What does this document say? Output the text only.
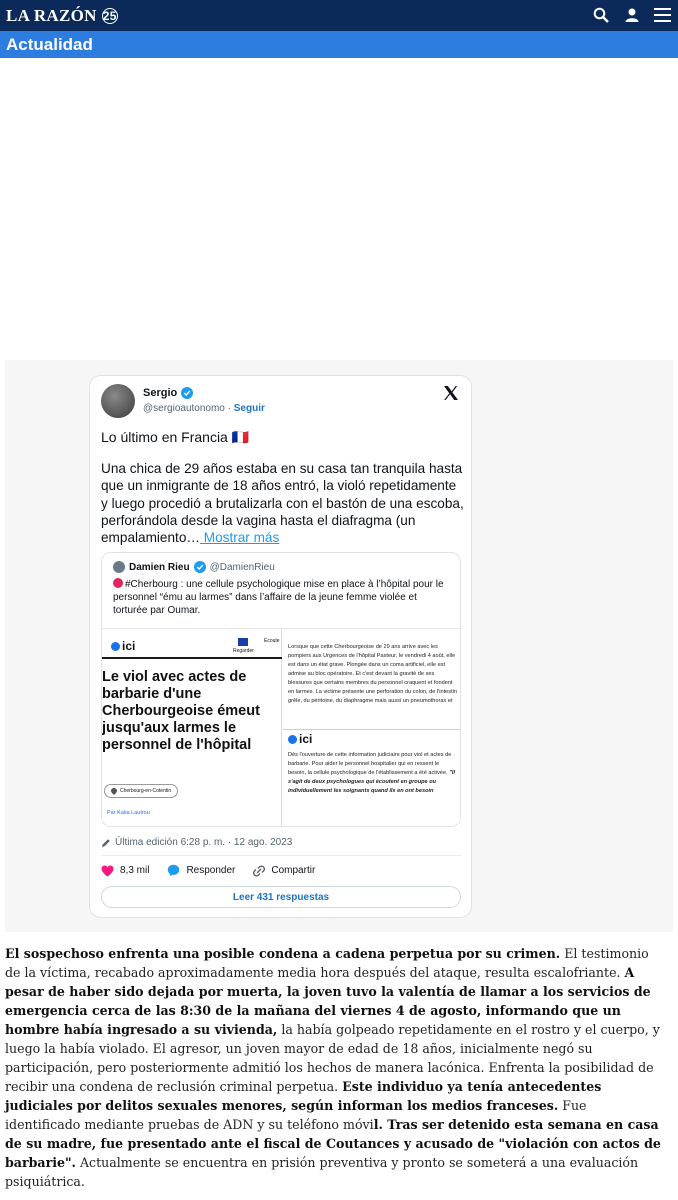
LA RAZÓN 25
Actualidad
Sergio
@sergioautonomo · Seguir
Lo último en Francia 🇫🇷
Una chica de 29 años estaba en su casa tan tranquila hasta que un inmigrante de 18 años entró, la violó repetidamente y luego procedió a brutalizarla con el bastón de una escoba, perforándola desde la vagina hasta el diafragma (un empalamiento… Mostrar más
Damien Rieu @DamienRieu
#Cherbourg : une cellule psychologique mise en place à l’hôpital pour le personnel “ému au larmes” dans l’affaire de la jeune femme violée et torturée par Oumar.
ici	Regarder
Écoute
Le viol avec actes de barbarie d'une Cherbourgeoise émeut jusqu'aux larmes le personnel de l'hôpital
Cherbourg-en-Cotentin
Par Katia Lautrou
Lorsque que cette Cherbourgeoise de 29 ans arrive avec les pompiers aux Urgences de l'hôpital Pasteur, le vendredi 4 août, elle est dans un état grave. Plongée dans un coma artificiel, elle est admise au bloc opératoire. Et c'est devant la gravité de ses blessures que certains membres du personnel craquent et fondent en larmes. La victime présente une perforation du colon, de l'intestin grêle, du péritoine, du diaphragme mais aussi un pneumothorax et
ici
Dès l'ouverture de cette information judiciaire pour viol et actes de barbarie. Pour aider le personnel hospitalier qui en ressent le besoin, la cellule psychologique de l'établissement a été activée. "Il s'agit de deux psychologues qui écoutent en groupe ou individuellement les soignants quand ils en ont besoin
Última edición 6:28 p. m. · 12 ago. 2023
8,3 mil	Responder	Compartir
Leer 431 respuestas
El sospechoso enfrenta una posible condena a cadena perpetua por su crimen. El testimonio de la víctima, recabado aproximadamente media hora después del ataque, resulta escalofriante. A pesar de haber sido dejada por muerta, la joven tuvo la valentía de llamar a los servicios de emergencia cerca de las 8:30 de la mañana del viernes 4 de agosto, informando que un hombre había ingresado a su vivienda, la había golpeado repetidamente en el rostro y el cuerpo, y luego la había violado. El agresor, un joven mayor de edad de 18 años, inicialmente negó su participación, pero posteriormente admitió los hechos de manera lacónica. Enfrenta la posibilidad de recibir una condena de reclusión criminal perpetua. Este individuo ya tenía antecedentes judiciales por delitos sexuales menores, según informan los medios franceses. Fue identificado mediante pruebas de ADN y su teléfono móvil. Tras ser detenido esta semana en casa de su madre, fue presentado ante el fiscal de Coutances y acusado de "violación con actos de barbarie". Actualmente se encuentra en prisión preventiva y pronto se someterá a una evaluación psiquiátrica.
